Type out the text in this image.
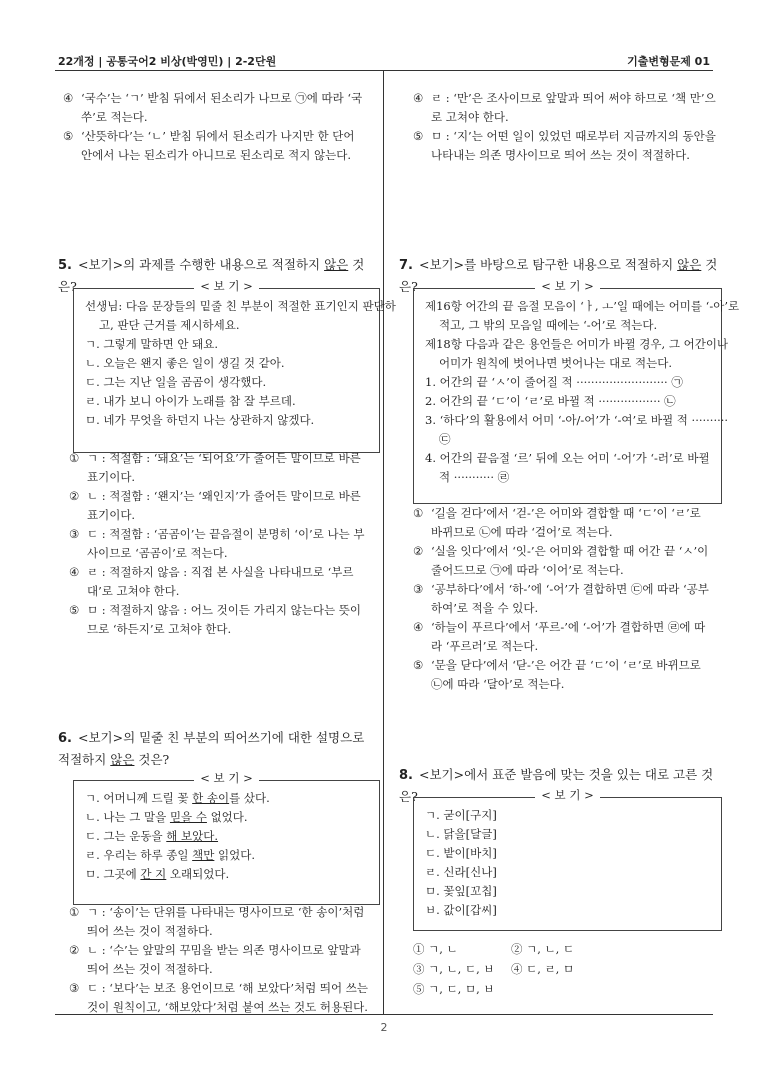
22개정 | 공통국어2 비상(박영민) | 2-2단원	기출변형문제 01
2
④ ‘국수’는 ‘ㄱ’ 받침 뒤에서 된소리가 나므로 ㉠에 따라 ‘국쑤’로 적는다.
⑤ ‘산뜻하다’는 ‘ㄴ’ 받침 뒤에서 된소리가 나지만 한 단어 안에서 나는 된소리가 아니므로 된소리로 적지 않는다.
④ ㄹ : ‘만’은 조사이므로 앞말과 띄어 써야 하므로 ‘책 만’으로 고쳐야 한다.
⑤ ㅁ : ‘지’는 어떤 일이 있었던 때로부터 지금까지의 동안을 나타내는 의존 명사이므로 띄어 쓰는 것이 적절하다.
5. <보기>의 과제를 수행한 내용으로 적절하지 않은 것은?	< 보 기 >
선생님: 다음 문장들의 밑줄 친 부분이 적절한 표기인지 판단하
고, 판단 근거를 제시하세요.
ㄱ. 그렇게 말하면 안 돼요.
ㄴ. 오늘은 왠지 좋은 일이 생길 것 같아.
ㄷ. 그는 지난 일을 곰곰이 생각했다.
ㄹ. 내가 보니 아이가 노래를 참 잘 부르데.
ㅁ. 네가 무엇을 하던지 나는 상관하지 않겠다.
① ㄱ : 적절함 : ‘돼요’는 ‘되어요’가 줄어든 말이므로 바른 표기이다.
② ㄴ : 적절함 : ‘왠지’는 ‘왜인지’가 줄어든 말이므로 바른 표기이다.
③ ㄷ : 적절함 : ‘곰곰이’는 끝음절이 분명히 ‘이’로 나는 부사이므로 ‘곰곰이’로 적는다.
④ ㄹ : 적절하지 않음 : 직접 본 사실을 나타내므로 ‘부르대’로 고쳐야 한다.
⑤ ㅁ : 적절하지 않음 : 어느 것이든 가리지 않는다는 뜻이므로 ‘하든지’로 고쳐야 한다.
6. <보기>의 밑줄 친 부분의 띄어쓰기에 대한 설명으로 적절하지 않은 것은?
< 보 기 >
ㄱ. 어머니께 드릴 꽃 한 송이를 샀다.
ㄴ. 나는 그 말을 믿을 수 없었다.
ㄷ. 그는 운동을 해 보았다.
ㄹ. 우리는 하루 종일 책만 읽었다.
ㅁ. 그곳에 간 지 오래되었다.
① ㄱ : ‘송이’는 단위를 나타내는 명사이므로 ‘한 송이’처럼 띄어 쓰는 것이 적절하다.
② ㄴ : ‘수’는 앞말의 꾸밈을 받는 의존 명사이므로 앞말과 띄어 쓰는 것이 적절하다.
③ ㄷ : ‘보다’는 보조 용언이므로 ‘해 보았다’처럼 띄어 쓰는 것이 원칙이고, ‘해보았다’처럼 붙여 쓰는 것도 허용된다.
7. <보기>를 바탕으로 탐구한 내용으로 적절하지 않은 것은?	< 보 기 >
제16항 어간의 끝 음절 모음이 ‘ㅏ, ㅗ’일 때에는 어미를 ‘-아’로
적고, 그 밖의 모음일 때에는 ‘-어’로 적는다.
제18항 다음과 같은 용언들은 어미가 바뀔 경우, 그 어간이나
어미가 원칙에 벗어나면 벗어나는 대로 적는다.
1. 어간의 끝 ‘ㅅ’이 줄어질 적 ························· ㉠
2. 어간의 끝 ‘ㄷ’이 ‘ㄹ’로 바뀔 적 ················· ㉡
3. ‘하다’의 활용에서 어미 ‘-아/-어’가 ‘-여’로 바뀔 적 ··········
㉢
4. 어간의 끝음절 ‘르’ 뒤에 오는 어미 ‘-어’가 ‘-러’로 바뀔
적 ··········· ㉣
① ‘길을 걷다’에서 ‘걷-’은 어미와 결합할 때 ‘ㄷ’이 ‘ㄹ’로 바뀌므로 ㉡에 따라 ‘걸어’로 적는다.
② ‘실을 잇다’에서 ‘잇-’은 어미와 결합할 때 어간 끝 ‘ㅅ’이 줄어드므로 ㉠에 따라 ‘이어’로 적는다.
③ ‘공부하다’에서 ‘하-’에 ‘-어’가 결합하면 ㉢에 따라 ‘공부하여’로 적을 수 있다.
④ ‘하늘이 푸르다’에서 ‘푸르-’에 ‘-어’가 결합하면 ㉣에 따라 ‘푸르러’로 적는다.
⑤ ‘문을 닫다’에서 ‘닫-’은 어간 끝 ‘ㄷ’이 ‘ㄹ’로 바뀌므로 ㉡에 따라 ‘달아’로 적는다.
8. <보기>에서 표준 발음에 맞는 것을 있는 대로 고른 것은?	< 보 기 >
ㄱ. 굳이[구지]
ㄴ. 닭을[달글]
ㄷ. 밭이[바치]
ㄹ. 신라[신나]
ㅁ. 꽃잎[꼬칩]
ㅂ. 값이[갑씨]
① ㄱ, ㄴ	② ㄱ, ㄴ, ㄷ
③ ㄱ, ㄴ, ㄷ, ㅂ ④ ㄷ, ㄹ, ㅁ
⑤ ㄱ, ㄷ, ㅁ, ㅂ
